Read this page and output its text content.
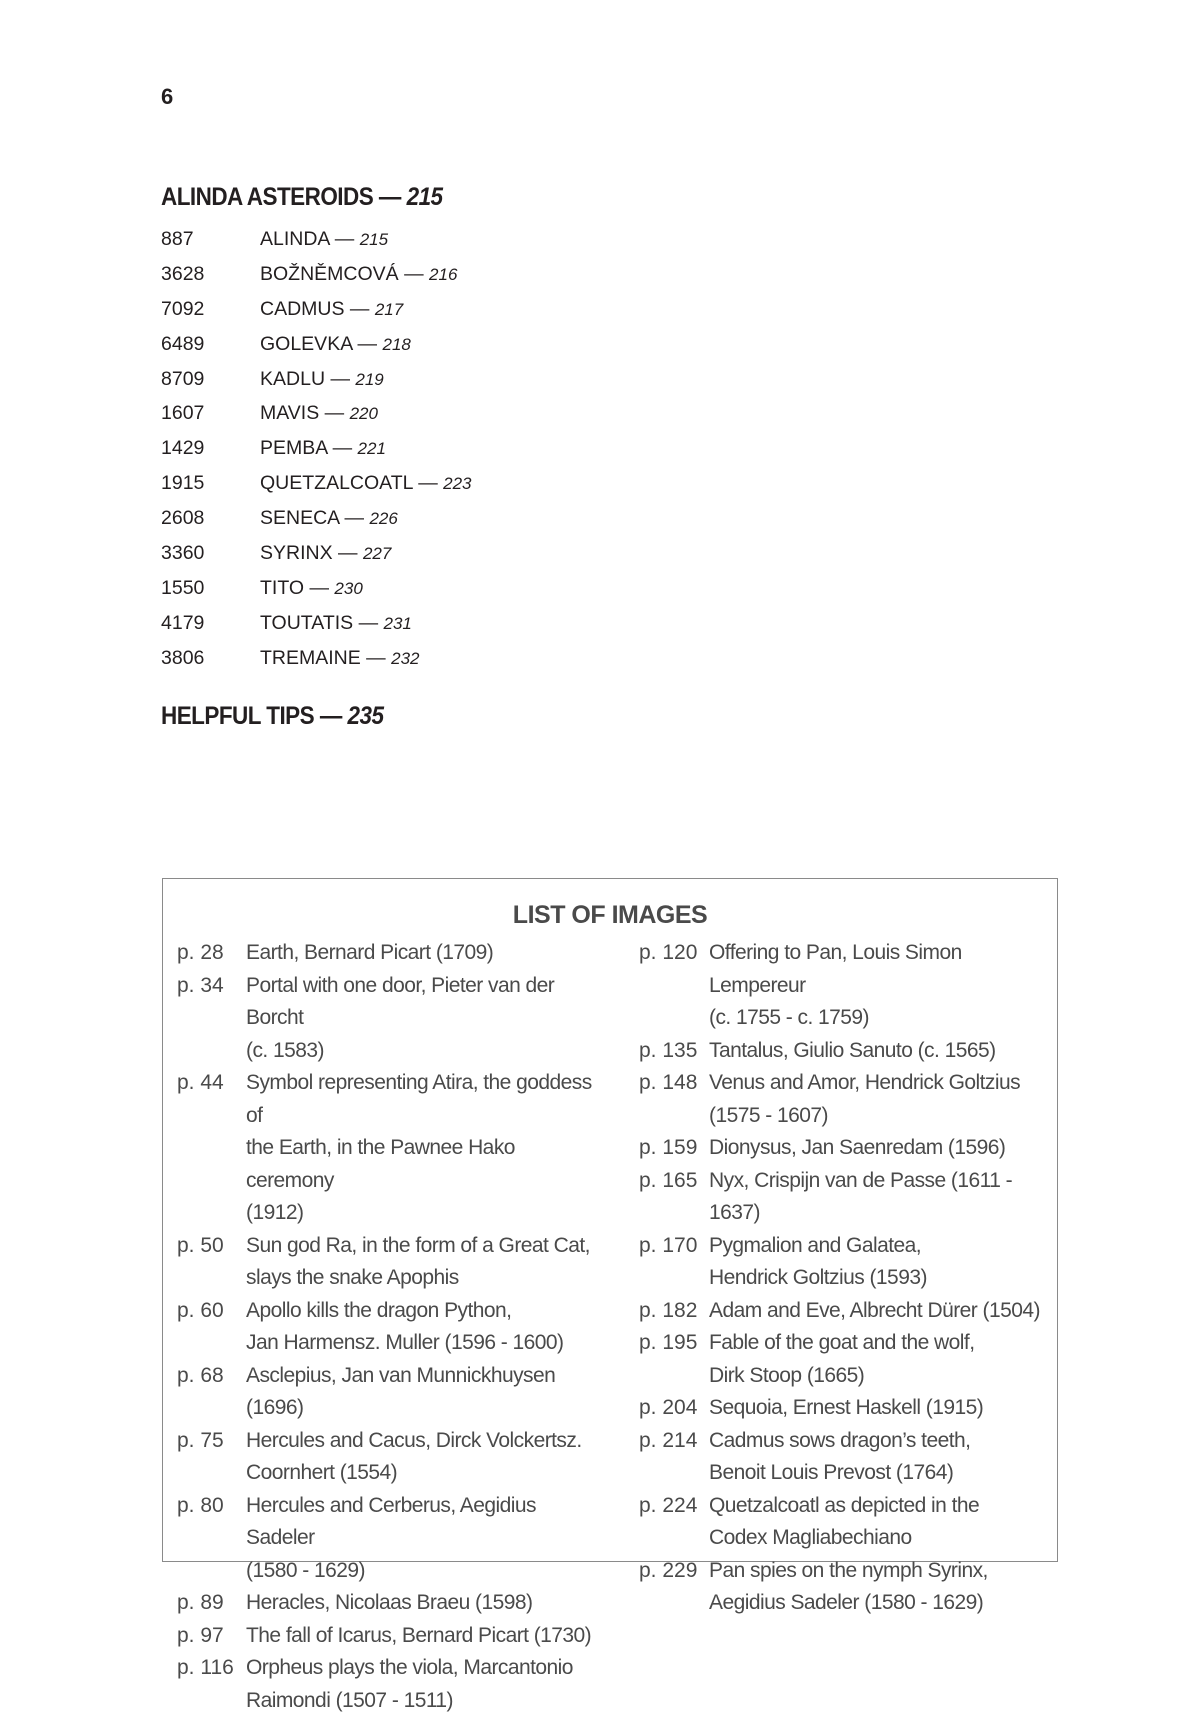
6
ALINDA ASTEROIDS — 215
887	ALINDA — 215
3628	BOŽNĚMCOVÁ — 216
7092	CADMUS — 217
6489	GOLEVKA — 218
8709	KADLU — 219
1607	MAVIS — 220
1429	PEMBA — 221
1915	QUETZALCOATL — 223
2608	SENECA — 226
3360	SYRINX — 227
1550	TITO — 230
4179	TOUTATIS — 231
3806	TREMAINE — 232
HELPFUL TIPS — 235
LIST OF IMAGES
p. 28	Earth, Bernard Picart (1709)
p. 34	Portal with one door, Pieter van der Borcht
(c. 1583)
p. 44	Symbol representing Atira, the goddess of
the Earth, in the Pawnee Hako ceremony
(1912)
p. 50	Sun god Ra, in the form of a Great Cat,
slays the snake Apophis
p. 60	Apollo kills the dragon Python,
Jan Harmensz. Muller (1596 - 1600)
p. 68	Asclepius, Jan van Munnickhuysen (1696)
p. 75	Hercules and Cacus, Dirck Volckertsz.
Coornhert (1554)
p. 80	Hercules and Cerberus, Aegidius Sadeler
(1580 - 1629)
p. 89	Heracles, Nicolaas Braeu (1598)
p. 97	The fall of Icarus, Bernard Picart (1730)
p. 116 Orpheus plays the viola, Marcantonio
Raimondi (1507 - 1511)
p. 120 Offering to Pan, Louis Simon Lempereur
(c. 1755 - c. 1759)
p. 135 Tantalus, Giulio Sanuto (c. 1565)
p. 148 Venus and Amor, Hendrick Goltzius
(1575 - 1607)
p. 159 Dionysus, Jan Saenredam (1596)
p. 165 Nyx, Crispijn van de Passe (1611 - 1637)
p. 170 Pygmalion and Galatea,
Hendrick Goltzius (1593)
p. 182 Adam and Eve, Albrecht Dürer (1504)
p. 195 Fable of the goat and the wolf,
Dirk Stoop (1665)
p. 204 Sequoia, Ernest Haskell (1915)
p. 214 Cadmus sows dragon’s teeth,
Benoit Louis Prevost (1764)
p. 224 Quetzalcoatl as depicted in the
Codex Magliabechiano
p. 229 Pan spies on the nymph Syrinx,
Aegidius Sadeler (1580 - 1629)
